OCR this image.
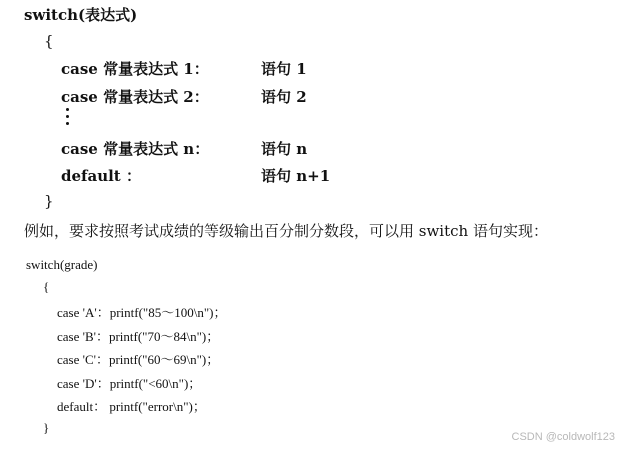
switch(表达式)
{
case 常量表达式 1：	语句 1
case 常量表达式 2：	语句 2
case 常量表达式 n：	语句 n
default ：	语句 n+1
}
例如，要求按照考试成绩的等级输出百分制分数段，可以用 switch 语句实现：
switch(grade)
{
case 'A'：printf("85～100\n")；
case 'B'：printf("70～84\n")；
case 'C'：printf("60～69\n")；
case 'D'：printf("<60\n")；
default： printf("error\n")；
}
CSDN @coldwolf123
